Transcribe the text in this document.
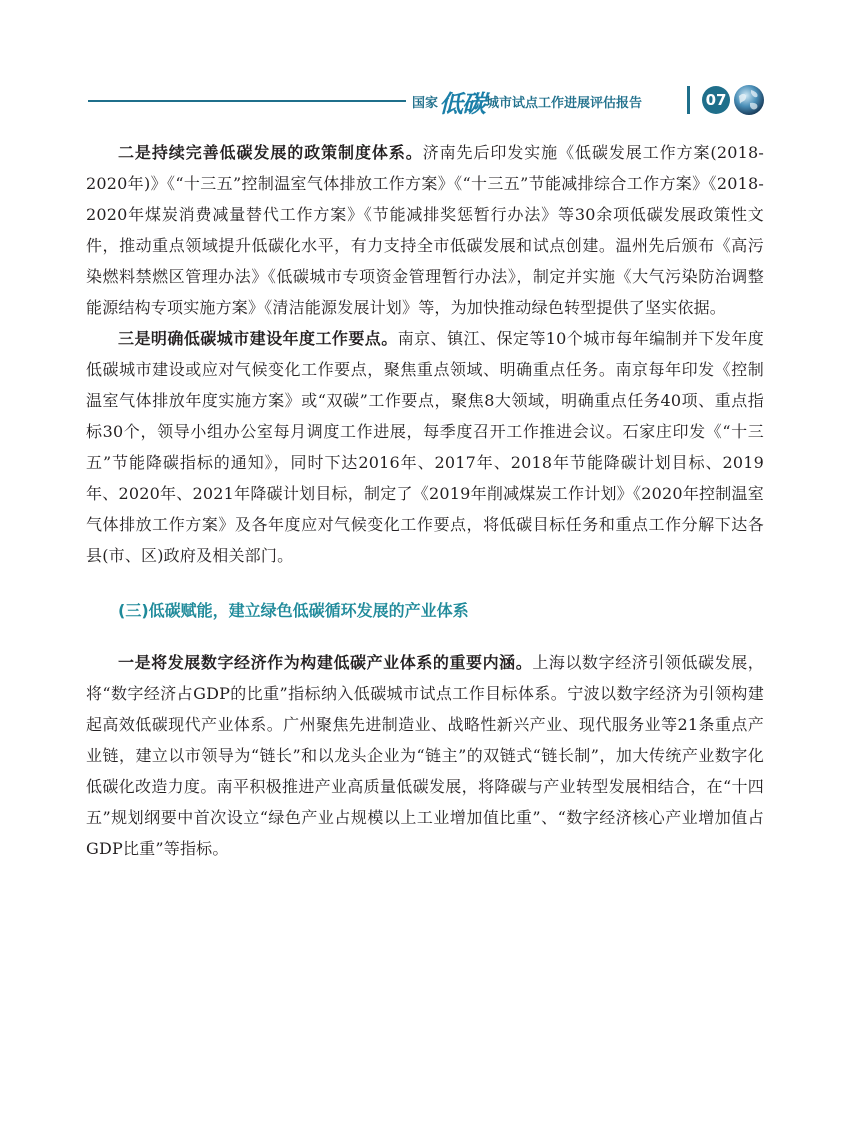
国家 低碳 城市试点工作进展评估报告	07

二是持续完善低碳发展的政策制度体系。济南先后印发实施《低碳发展工作方案(2018-2020年)》《“十三五”控制温室气体排放工作方案》《“十三五”节能减排综合工作方案》《2018-2020年煤炭消费减量替代工作方案》《节能减排奖惩暂行办法》等30余项低碳发展政策性文件，推动重点领域提升低碳化水平，有力支持全市低碳发展和试点创建。温州先后颁布《高污染燃料禁燃区管理办法》《低碳城市专项资金管理暂行办法》，制定并实施《大气污染防治调整能源结构专项实施方案》《清洁能源发展计划》等，为加快推动绿色转型提供了坚实依据。

三是明确低碳城市建设年度工作要点。南京、镇江、保定等10个城市每年编制并下发年度低碳城市建设或应对气候变化工作要点，聚焦重点领域、明确重点任务。南京每年印发《控制温室气体排放年度实施方案》或“双碳”工作要点，聚焦8大领域，明确重点任务40项、重点指标30个，领导小组办公室每月调度工作进展，每季度召开工作推进会议。石家庄印发《“十三五”节能降碳指标的通知》，同时下达2016年、2017年、2018年节能降碳计划目标、2019年、2020年、2021年降碳计划目标，制定了《2019年削减煤炭工作计划》《2020年控制温室气体排放工作方案》及各年度应对气候变化工作要点，将低碳目标任务和重点工作分解下达各县(市、区)政府及相关部门。

(三)低碳赋能，建立绿色低碳循环发展的产业体系

一是将发展数字经济作为构建低碳产业体系的重要内涵。上海以数字经济引领低碳发展，将“数字经济占GDP的比重”指标纳入低碳城市试点工作目标体系。宁波以数字经济为引领构建起高效低碳现代产业体系。广州聚焦先进制造业、战略性新兴产业、现代服务业等21条重点产业链，建立以市领导为“链长”和以龙头企业为“链主”的双链式“链长制”，加大传统产业数字化低碳化改造力度。南平积极推进产业高质量低碳发展，将降碳与产业转型发展相结合，在“十四五”规划纲要中首次设立“绿色产业占规模以上工业增加值比重”、“数字经济核心产业增加值占GDP比重”等指标。
